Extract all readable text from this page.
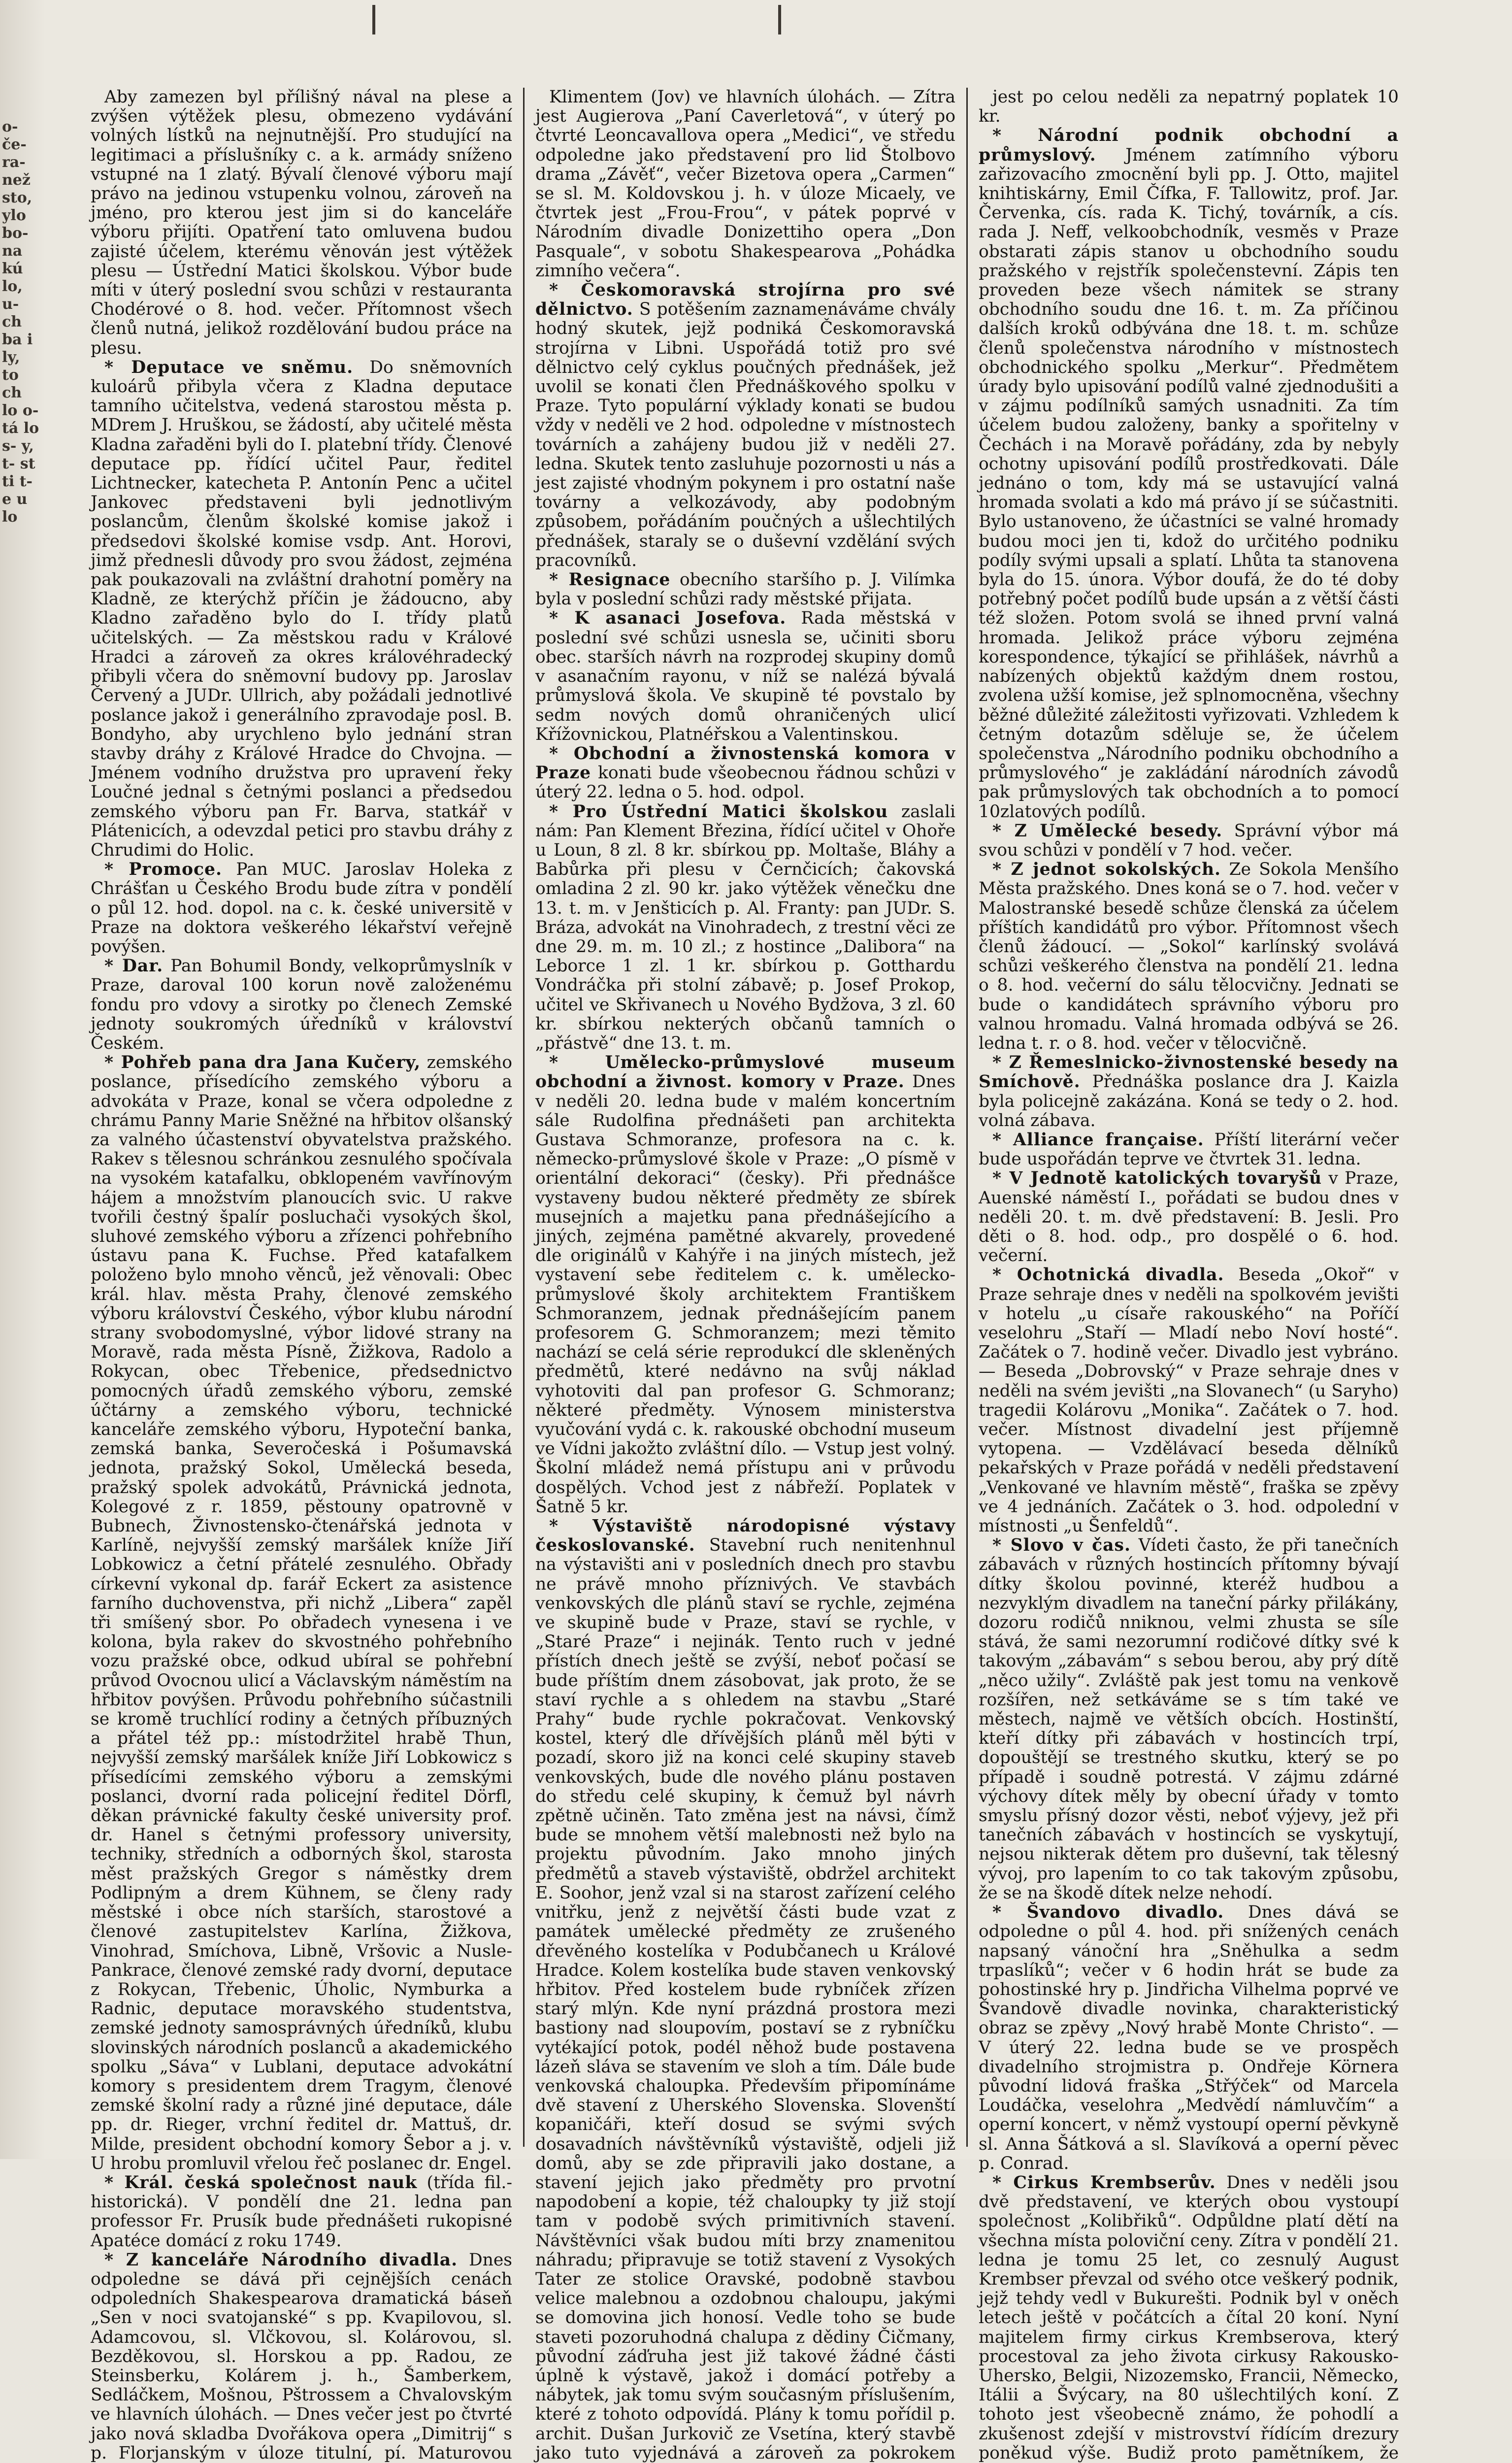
o- če- ra- než sto, ylo bo- na kú lo, u- ch ba i ly, to ch lo o- tá lo s- y, t- st ti t- e u lo

Aby zamezen byl přílišný nával na plese a zvýšen výtěžek plesu, obmezeno vydávání volných lístků na nejnutnější. Pro studující na legitimaci a příslušníky c. a k. armády sníženo vstupné na 1 zlatý. Bývalí členové výboru mají právo na jedinou vstupenku volnou, zároveň na jméno, pro kterou jest jim si do kanceláře výboru přijíti. Opatření tato omluvena budou zajisté účelem, kterému věnován jest výtěžek plesu — Ústřední Matici školskou. Výbor bude míti v úterý poslední svou schůzi v restauranta Chodérové o 8. hod. večer. Přítomnost všech členů nutná, jelikož rozdělování budou práce na plesu.

* Deputace ve sněmu. Do sněmovních kuloárů přibyla včera z Kladna deputace tamního učitelstva, vedená starostou města p. MDrem J. Hruškou, se žádostí, aby učitelé města Kladna zařaděni byli do I. platební třídy. Členové deputace pp. řídící učitel Paur, ředitel Lichtnecker, katecheta P. Antonín Penc a učitel Jankovec představeni byli jednotlivým poslancům, členům školské komise jakož i předsedovi školské komise vsdp. Ant. Horovi, jimž přednesli důvody pro svou žádost, zejména pak poukazovali na zvláštní drahotní poměry na Kladně, ze kterýchž příčin je žádoucno, aby Kladno zařaděno bylo do I. třídy platů učitelských. — Za městskou radu v Králové Hradci a zároveň za okres královéhradecký přibyli včera do sněmovní budovy pp. Jaroslav Červený a JUDr. Ullrich, aby požádali jednotlivé poslance jakož i generálního zpravodaje posl. B. Bondyho, aby urychleno bylo jednání stran stavby dráhy z Králové Hradce do Chvojna. — Jménem vodního družstva pro upravení řeky Loučné jednal s četnými poslanci a předsedou zemského výboru pan Fr. Barva, statkář v Plátenicích, a odevzdal petici pro stavbu dráhy z Chrudimi do Holic.

* Promoce. Pan MUC. Jaroslav Holeka z Chrášťan u Českého Brodu bude zítra v pondělí o půl 12. hod. dopol. na c. k. české universitě v Praze na doktora veškerého lékařství veřejně povýšen.

* Dar. Pan Bohumil Bondy, velkoprůmyslník v Praze, daroval 100 korun nově založenému fondu pro vdovy a sirotky po členech Zemské jednoty soukromých úředníků v království Českém.

* Pohřeb pana dra Jana Kučery, zemského poslance, přísedícího zemského výboru a advokáta v Praze, konal se včera odpoledne z chrámu Panny Marie Sněžné na hřbitov olšanský za valného účastenství obyvatelstva pražského. Rakev s tělesnou schránkou zesnulého spočívala na vysokém katafalku, obklopeném vavřínovým hájem a množstvím planoucích svic. U rakve tvořili čestný špalír posluchači vysokých škol, sluhové zemského výboru a zřízenci pohřebního ústavu pana K. Fuchse. Před katafalkem položeno bylo mnoho věnců, jež věnovali: Obec král. hlav. města Prahy, členové zemského výboru království Českého, výbor klubu národní strany svobodomyslné, výbor lidové strany na Moravě, rada města Písně, Žižkova, Radolo a Rokycan, obec Třebenice, předsednictvo pomocných úřadů zemského výboru, zemské účtárny a zemského výboru, technické kanceláře zemského výboru, Hypoteční banka, zemská banka, Severočeská i Pošumavská jednota, pražský Sokol, Umělecká beseda, pražský spolek advokátů, Právnická jednota, Kolegové z r. 1859, pěstouny opatrovně v Bubnech, Živnostensko-čtenářská jednota v Karlíně, nejvyšší zemský maršálek kníže Jiří Lobkowicz a četní přátelé zesnulého. Obřady církevní vykonal dp. farář Eckert za asistence farního duchovenstva, při nichž „Libera“ zapěl tři smíšený sbor. Po obřadech vynesena i ve kolona, byla rakev do skvostného pohřebního vozu pražské obce, odkud ubíral se pohřební průvod Ovocnou ulicí a Václavským náměstím na hřbitov povýšen. Průvodu pohřebního súčastnili se kromě truchlící rodiny a četných příbuzných a přátel též pp.: místodržitel hrabě Thun, nejvyšší zemský maršálek kníže Jiří Lobkowicz s přísedícími zemského výboru a zemskými poslanci, dvorní rada policejní ředitel Dörfl, děkan právnické fakulty české university prof. dr. Hanel s četnými professory university, techniky, středních a odborných škol, starosta měst pražských Gregor s náměstky drem Podlipným a drem Kühnem, se členy rady městské i obce ních starších, starostové a členové zastupitelstev Karlína, Žižkova, Vinohrad, Smíchova, Libně, Vršovic a Nusle-Pankrace, členové zemské rady dvorní, deputace z Rokycan, Třebenic, Úholic, Nymburka a Radnic, deputace moravského studentstva, zemské jednoty samosprávných úředníků, klubu slovinských národních poslanců a akademického spolku „Sáva“ v Lublani, deputace advokátní komory s presidentem drem Tragym, členové zemské školní rady a různé jiné deputace, dále pp. dr. Rieger, vrchní ředitel dr. Mattuš, dr. Milde, president obchodní komory Šebor a j. v. U hrobu promluvil vřelou řeč poslanec dr. Engel.

* Král. česká společnost nauk (třída fil.-historická). V pondělí dne 21. ledna pan professor Fr. Prusík bude přednášeti rukopisné Apatéce domácí z roku 1749.

* Z kanceláře Národního divadla. Dnes odpoledne se dává při cejnějších cenách odpoledních Shakespearova dramatická báseň „Sen v noci svatojanské“ s pp. Kvapilovou, sl. Adamcovou, sl. Vlčkovou, sl. Kolárovou, sl. Bezděkovou, sl. Horskou a pp. Radou, ze Steinsberku, Kolárem j. h., Šamberkem, Sedláčkem, Mošnou, Pštrossem a Chvalovským ve hlavních úlohách. — Dnes večer jest po čtvrté jako nová skladba Dvořákova opera „Dimitrij“ s p. Florjanským v úloze titulní, pí. Maturovou

Klimentem (Jov) ve hlavních úlohách. — Zítra jest Augierova „Paní Caverletová“, v úterý po čtvrté Leoncavallova opera „Medici“, ve středu odpoledne jako představení pro lid Štolbovo drama „Závěť“, večer Bizetova opera „Carmen“ se sl. M. Koldovskou j. h. v úloze Micaely, ve čtvrtek jest „Frou-Frou“, v pátek poprvé v Národním divadle Donizettiho opera „Don Pasquale“, v sobotu Shakespearova „Pohádka zimního večera“.

* Českomoravská strojírna pro své dělnictvo. S potěšením zaznamenáváme chvály hodný skutek, jejž podniká Českomoravská strojírna v Libni. Uspořádá totiž pro své dělnictvo celý cyklus poučných přednášek, jež uvolil se konati člen Přednáškového spolku v Praze. Tyto populární výklady konati se budou vždy v neděli ve 2 hod. odpoledne v místnostech továrních a zahájeny budou již v neděli 27. ledna. Skutek tento zasluhuje pozornosti u nás a jest zajisté vhodným pokynem i pro ostatní naše továrny a velkozávody, aby podobným způsobem, pořádáním poučných a ušlechtilých přednášek, staraly se o duševní vzdělání svých pracovníků.

* Resignace obecního staršího p. J. Vilímka byla v poslední schůzi rady městské přijata.

* K asanaci Josefova. Rada městská v poslední své schůzi usnesla se, učiniti sboru obec. starších návrh na rozprodej skupiny domů v asanačním rayonu, v níž se nalézá bývalá průmyslová škola. Ve skupině té povstalo by sedm nových domů ohraničených ulicí Křížovnickou, Platnéřskou a Valentinskou.

* Obchodní a živnostenská komora v Praze konati bude všeobecnou řádnou schůzi v úterý 22. ledna o 5. hod. odpol.

* Pro Ústřední Matici školskou zaslali nám: Pan Klement Březina, řídící učitel v Ohoře u Loun, 8 zl. 8 kr. sbírkou pp. Moltaše, Bláhy a Babůrka při plesu v Černčicích; čakovská omladina 2 zl. 90 kr. jako výtěžek věnečku dne 13. t. m. v Jenšticích p. Al. Franty: pan JUDr. S. Bráza, advokát na Vinohradech, z trestní věci ze dne 29. m. m. 10 zl.; z hostince „Dalibora“ na Leborce 1 zl. 1 kr. sbírkou p. Gotthardu Vondráčka při stolní zábavě; p. Josef Prokop, učitel ve Skřivanech u Nového Bydžova, 3 zl. 60 kr. sbírkou nekterých občanů tamních o „přástvě“ dne 13. t. m.

* Umělecko-průmyslové museum obchodní a živnost. komory v Praze. Dnes v neděli 20. ledna bude v malém koncertním sále Rudolfina přednášeti pan architekta Gustava Schmoranze, profesora na c. k. německo-průmyslové škole v Praze: „O písmě v orientální dekoraci“ (česky). Při přednášce vystaveny budou některé předměty ze sbírek musejních a majetku pana přednášejícího a jiných, zejména pamětné akvarely, provedené dle originálů v Kahýře i na jiných místech, jež vystavení sebe ředitelem c. k. umělecko-průmyslové školy architektem Františkem Schmoranzem, jednak přednášejícím panem profesorem G. Schmoranzem; mezi těmito nachází se celá série reprodukcí dle skleněných předmětů, které nedávno na svůj náklad vyhotoviti dal pan profesor G. Schmoranz; některé předměty. Výnosem ministerstva vyučování vydá c. k. rakouské obchodní museum ve Vídni jakožto zvláštní dílo. — Vstup jest volný. Školní mládež nemá přístupu ani v průvodu dospělých. Vchod jest z nábřeží. Poplatek v Šatně 5 kr.

* Výstaviště národopisné výstavy českoslovanské. Stavební ruch nenitenhnul na výstavišti ani v posledních dnech pro stavbu ne právě mnoho příznivých. Ve stavbách venkovských dle plánů staví se rychle, zejména ve skupině bude v Praze, staví se rychle, v „Staré Praze“ i nejinák. Tento ruch v jedné přístích dnech ještě se zvýší, neboť počasí se bude příštím dnem zásobovat, jak proto, že se staví rychle a s ohledem na stavbu „Staré Prahy“ bude rychle pokračovat. Venkovský kostel, který dle dřívějších plánů měl býti v pozadí, skoro již na konci celé skupiny staveb venkovských, bude dle nového plánu postaven do středu celé skupiny, k čemuž byl návrh zpětně učiněn. Tato změna jest na návsi, čímž bude se mnohem větší malebnosti než bylo na projektu původním. Jako mnoho jiných předmětů a staveb výstaviště, obdržel architekt E. Soohor, jenž vzal si na starost zařízení celého vnitřku, jenž z největší části bude vzat z památek umělecké předměty ze zrušeného dřevěného kostelíka v Podubčanech u Králové Hradce. Kolem kostelíka bude staven venkovský hřbitov. Před kostelem bude rybníček zřízen starý mlýn. Kde nyní prázdná prostora mezi bastiony nad sloupovím, postaví se z rybníčku vytékající potok, podél něhož bude postavena lázeň sláva se stavením ve sloh a tím. Dále bude venkovská chaloupka. Především připomínáme dvě stavení z Uherského Slovenska. Slovenští kopaničáři, kteří dosud se svými svých dosavadních návštěvníků výstaviště, odjeli již domů, aby se zde připravili jako dostane, a stavení jejich jako předměty pro prvotní napodobení a kopie, též chaloupky ty již stojí tam v podobě svých primitivních stavení. Návštěvníci však budou míti brzy znamenitou náhradu; připravuje se totiž stavení z Vysokých Tater ze stolice Oravské, podobně stavbou velice malebnou a ozdobnou chaloupu, jakými se domovina jich honosí. Vedle toho se bude staveti pozoruhodná chalupa z dědiny Čičmany, původní záďruha jest již takové žádné části úplně k výstavě, jakož i domácí potřeby a nábytek, jak tomu svým současným příslušením, které z tohoto odpovídá. Plány k tomu pořídil p. archit. Dušan Jurkovič ze Vsetína, který stavbě jako tuto vyjednává a zároveň za pokrokem

jest po celou neděli za nepatrný poplatek 10 kr.

* Národní podnik obchodní a průmyslový. Jménem zatímního výboru zařizovacího zmocnění byli pp. J. Otto, majitel knihtiskárny, Emil Čífka, F. Tallowitz, prof. Jar. Červenka, cís. rada K. Tichý, továrník, a cís. rada J. Neff, velkoobchodník, vesměs v Praze obstarati zápis stanov u obchodního soudu pražského v rejstřík společenstevní. Zápis ten proveden beze všech námitek se strany obchodního soudu dne 16. t. m. Za příčinou dalších kroků odbývána dne 18. t. m. schůze členů společenstva národního v místnostech obchodnického spolku „Merkur“. Předmětem úrady bylo upisování podílů valné zjednodušiti a v zájmu podílníků samých usnadniti. Za tím účelem budou založeny, banky a spořitelny v Čechách i na Moravě pořádány, zda by nebyly ochotny upisování podílů prostředkovati. Dále jednáno o tom, kdy má se ustavující valná hromada svolati a kdo má právo jí se súčastniti. Bylo ustanoveno, že účastníci se valné hromady budou moci jen ti, kdož do určitého podniku podíly svými upsali a splatí. Lhůta ta stanovena byla do 15. února. Výbor doufá, že do té doby potřebný počet podílů bude upsán a z větší části též složen. Potom svolá se ihned první valná hromada. Jelikož práce výboru zejména korespondence, týkající se přihlášek, návrhů a nabízených objektů každým dnem rostou, zvolena užší komise, jež splnomocněna, všechny běžné důležité záležitosti vyřizovati. Vzhledem k četným dotazům sděluje se, že účelem společenstva „Národního podniku obchodního a průmyslového“ je zakládání národních závodů pak průmyslových tak obchodních a to pomocí 10zlatových podílů.

* Z Umělecké besedy. Správní výbor má svou schůzi v pondělí v 7 hod. večer.

* Z jednot sokolských. Ze Sokola Menšího Města pražského. Dnes koná se o 7. hod. večer v Malostranské besedě schůze členská za účelem příštích kandidátů pro výbor. Přítomnost všech členů žádoucí. — „Sokol“ karlínský svolává schůzi veškerého členstva na pondělí 21. ledna o 8. hod. večerní do sálu tělocvičny. Jednati se bude o kandidátech správního výboru pro valnou hromadu. Valná hromada odbývá se 26. ledna t. r. o 8. hod. večer v tělocvičně.

* Z Řemeslnicko-živnostenské besedy na Smíchově. Přednáška poslance dra J. Kaizla byla policejně zakázána. Koná se tedy o 2. hod. volná zábava.

* Alliance française. Příští literární večer bude uspořádán teprve ve čtvrtek 31. ledna.

* V Jednotě katolických tovaryšů v Praze, Auenské náměstí I., pořádati se budou dnes v neděli 20. t. m. dvě představení: B. Jesli. Pro děti o 8. hod. odp., pro dospělé o 6. hod. večerní.

* Ochotnická divadla. Beseda „Okoř“ v Praze sehraje dnes v neděli na spolkovém jevišti v hotelu „u císaře rakouského“ na Poříčí veselohru „Staří — Mladí nebo Noví hosté“. Začátek o 7. hodině večer. Divadlo jest vybráno. — Beseda „Dobrovský“ v Praze sehraje dnes v neděli na svém jevišti „na Slovanech“ (u Saryho) tragedii Kolárovu „Monika“. Začátek o 7. hod. večer. Místnost divadelní jest příjemně vytopena. — Vzdělávací beseda dělníků pekařských v Praze pořádá v neděli představení „Venkované ve hlavním městě“, fraška se zpěvy ve 4 jednáních. Začátek o 3. hod. odpolední v místnosti „u Šenfeldů“.

* Slovo v čas. Vídeti často, že při tanečních zábavách v různých hostincích přítomny bývají dítky školou povinné, kteréž hudbou a nezvyklým divadlem na taneční párky přilákány, dozoru rodičů nniknou, velmi zhusta se síle stává, že sami nezorumní rodičové dítky své k takovým „zábavám“ s sebou berou, aby prý dítě „něco užily“. Zvláště pak jest tomu na venkově rozšířen, než setkáváme se s tím také ve městech, najmě ve větších obcích. Hostinští, kteří dítky při zábavách v hostincích trpí, dopouštějí se trestného skutku, který se po případě i soudně potrestá. V zájmu zdárné výchovy dítek měly by obecní úřady v tomto smyslu přísný dozor věsti, neboť výjevy, jež při tanečních zábavách v hostincích se vyskytují, nejsou nikterak dětem pro duševní, tak tělesný vývoj, pro lapením to co tak takovým způsobu, že se na škodě dítek nelze nehodí.

* Švandovo divadlo. Dnes dává se odpoledne o půl 4. hod. při snížených cenách napsaný vánoční hra „Sněhulka a sedm trpaslíků“; večer v 6 hodin hrát se bude za pohostinské hry p. Jindřicha Vilhelma poprvé ve Švandově divadle novinka, charakteristický obraz se zpěvy „Nový hrabě Monte Christo“. — V úterý 22. ledna bude se ve prospěch divadelního strojmistra p. Ondřeje Körnera původní lidová fraška „Střýček“ od Marcela Loudáčka, veselohra „Medvědí námluvčím“ a operní koncert, v němž vystoupí operní pěvkyně sl. Anna Šátková a sl. Slavíková a operní pěvec p. Conrad.

* Cirkus Krembserův. Dnes v neděli jsou dvě představení, ve kterých obou vystoupí společnost „Kolibřiků“. Odpůldne platí dětí na všechna místa poloviční ceny. Zítra v pondělí 21. ledna je tomu 25 let, co zesnulý August Krembser převzal od svého otce veškerý podnik, jejž tehdy vedl v Bukurešti. Podnik byl v oněch letech ještě v počátcích a čítal 20 koní. Nyní majitelem firmy cirkus Krembserova, který procestoval za jeho života cirkusy Rakousko-Uhersko, Belgii, Nizozemsko, Francii, Německo, Itálii a Švýcary, na 80 ušlechtilých koní. Z tohoto jest všeobecně známo, že pohodlí a zkušenost zdejší v mistrovství řídícím drezury poněkud výše. Budiž proto pamětníkem, že
